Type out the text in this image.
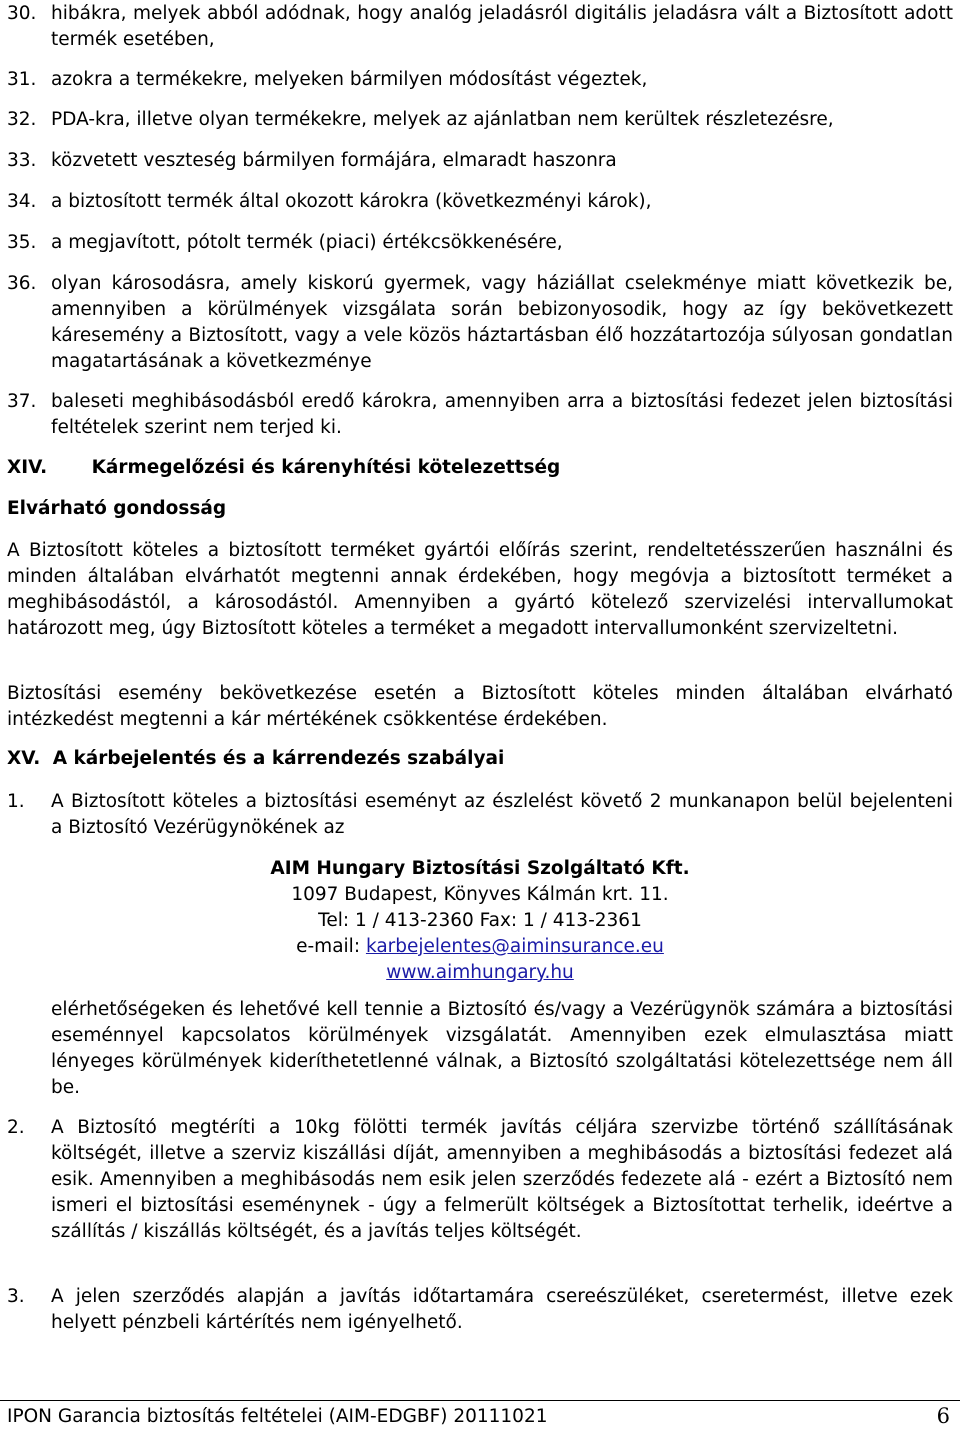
30. hibákra, melyek abból adódnak, hogy analóg jeladásról digitális jeladásra vált a Biztosított adott termék esetében,
31. azokra a termékekre, melyeken bármilyen módosítást végeztek,
32. PDA-kra, illetve olyan termékekre, melyek az ajánlatban nem kerültek részletezésre,
33. közvetett veszteség bármilyen formájára, elmaradt haszonra
34. a biztosított termék által okozott károkra (következményi károk),
35. a megjavított, pótolt termék (piaci) értékcsökkenésére,
36. olyan károsodásra, amely kiskorú gyermek, vagy háziállat cselekménye miatt következik be, amennyiben a körülmények vizsgálata során bebizonyosodik, hogy az így bekövetkezett káresemény a Biztosított, vagy a vele közös háztartásban élő hozzátartozója súlyosan gondatlan magatartásának a következménye
37. baleseti meghibásodásból eredő károkra, amennyiben arra a biztosítási fedezet jelen biztosítási feltételek szerint nem terjed ki.
XIV. Kármegelőzési és kárenyhítési kötelezettség
Elvárható gondosság
A Biztosított köteles a biztosított terméket gyártói előírás szerint, rendeltetésszerűen használni és minden általában elvárhatót megtenni annak érdekében, hogy megóvja a biztosított terméket a meghibásodástól, a károsodástól. Amennyiben a gyártó kötelező szervizelési intervallumokat határozott meg, úgy Biztosított köteles a terméket a megadott intervallumonként szervizeltetni.
Biztosítási esemény bekövetkezése esetén a Biztosított köteles minden általában elvárható intézkedést megtenni a kár mértékének csökkentése érdekében.
XV. A kárbejelentés és a kárrendezés szabályai
1. A Biztosított köteles a biztosítási eseményt az észlelést követő 2 munkanapon belül bejelenteni a Biztosító Vezérügynökének az
AIM Hungary Biztosítási Szolgáltató Kft.
1097 Budapest, Könyves Kálmán krt. 11.
Tel: 1 / 413-2360 Fax: 1 / 413-2361
e-mail: karbejelentes@aiminsurance.eu
www.aimhungary.hu
elérhetőségeken és lehetővé kell tennie a Biztosító és/vagy a Vezérügynök számára a biztosítási eseménnyel kapcsolatos körülmények vizsgálatát. Amennyiben ezek elmulasztása miatt lényeges körülmények kideríthetetlenné válnak, a Biztosító szolgáltatási kötelezettsége nem áll be.
2. A Biztosító megtéríti a 10kg fölötti termék javítás céljára szervizbe történő szállításának költségét, illetve a szerviz kiszállási díját, amennyiben a meghibásodás a biztosítási fedezet alá esik. Amennyiben a meghibásodás nem esik jelen szerződés fedezete alá - ezért a Biztosító nem ismeri el biztosítási eseménynek - úgy a felmerült költségek a Biztosítottat terhelik, ideértve a szállítás / kiszállás költségét, és a javítás teljes költségét.
3. A jelen szerződés alapján a javítás időtartamára csereészüléket, cseretermést, illetve ezek helyett pénzbeli kártérítés nem igényelhető.
IPON Garancia biztosítás feltételei (AIM-EDGBF) 20111021	6
